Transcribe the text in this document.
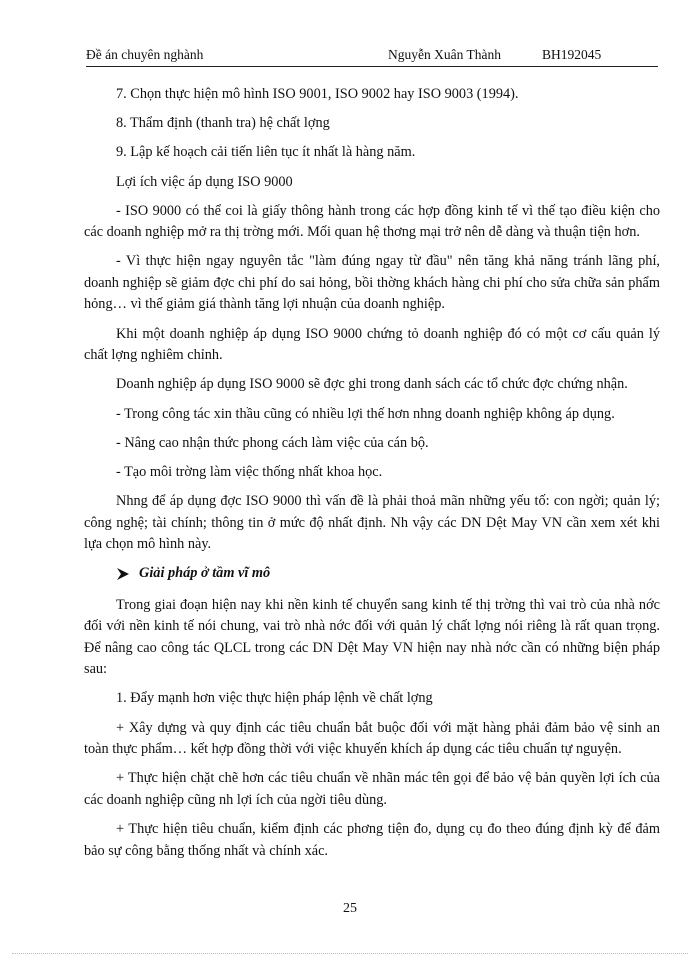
Đề án chuyên nghành	Nguyễn Xuân Thành	BH192045

7. Chọn thực hiện mô hình ISO 9001, ISO 9002 hay ISO 9003 (1994).

8. Thẩm định (thanh tra) hệ chất lợng

9. Lập kế hoạch cải tiến liên tục ít nhất là hàng năm.

Lợi ích việc áp dụng ISO 9000

- ISO 9000 có thể coi là giấy thông hành trong các hợp đồng kinh tế vì thế tạo điều kiện cho các doanh nghiệp mở ra thị trờng mới. Mối quan hệ thơng mại trở nên dễ dàng và thuận tiện hơn.

- Vì thực hiện ngay nguyên tắc "làm đúng ngay từ đầu" nên tăng khả năng tránh lãng phí, doanh nghiệp sẽ giảm đợc chi phí do sai hỏng, bồi thờng khách hàng chi phí cho sửa chữa sản phẩm hỏng… vì thế giảm giá thành tăng lợi nhuận của doanh nghiệp.

Khi một doanh nghiệp áp dụng ISO 9000 chứng tỏ doanh nghiệp đó có một cơ cấu quản lý chất lợng nghiêm chỉnh.

Doanh nghiệp áp dụng ISO 9000 sẽ đợc ghi trong danh sách các tổ chức đợc chứng nhận.

- Trong công tác xin thầu cũng có nhiều lợi thế hơn nhng doanh nghiệp không áp dụng.

- Nâng cao nhận thức phong cách làm việc của cán bộ.

- Tạo môi trờng làm việc thống nhất khoa học.

Nhng để áp dụng đợc ISO 9000 thì vấn đề là phải thoả mãn những yếu tố: con ngời; quản lý; công nghệ; tài chính; thông tin ở mức độ nhất định. Nh vậy các DN Dệt May VN cần xem xét khi lựa chọn mô hình này.

Giải pháp ở tầm vĩ mô

Trong giai đoạn hiện nay khi nền kinh tế chuyển sang kinh tế thị trờng thì vai trò của nhà nớc đối với nền kinh tế nói chung, vai trò nhà nớc đối với quản lý chất lợng nói riêng là rất quan trọng. Để nâng cao công tác QLCL trong các DN Dệt May VN hiện nay nhà nớc cần có những biện pháp sau:

1. Đẩy mạnh hơn việc thực hiện pháp lệnh về chất lợng

+ Xây dựng và quy định các tiêu chuẩn bắt buộc đối với mặt hàng phải đảm bảo vệ sinh an toàn thực phẩm… kết hợp đồng thời với việc khuyến khích áp dụng các tiêu chuẩn tự nguyện.

+ Thực hiện chặt chẽ hơn các tiêu chuẩn về nhãn mác tên gọi để bảo vệ bản quyền lợi ích của các doanh nghiệp cũng nh lợi ích của ngời tiêu dùng.

+ Thực hiện tiêu chuẩn, kiểm định các phơng tiện đo, dụng cụ đo theo đúng định kỳ để đảm bảo sự công bằng thống nhất và chính xác.

25
